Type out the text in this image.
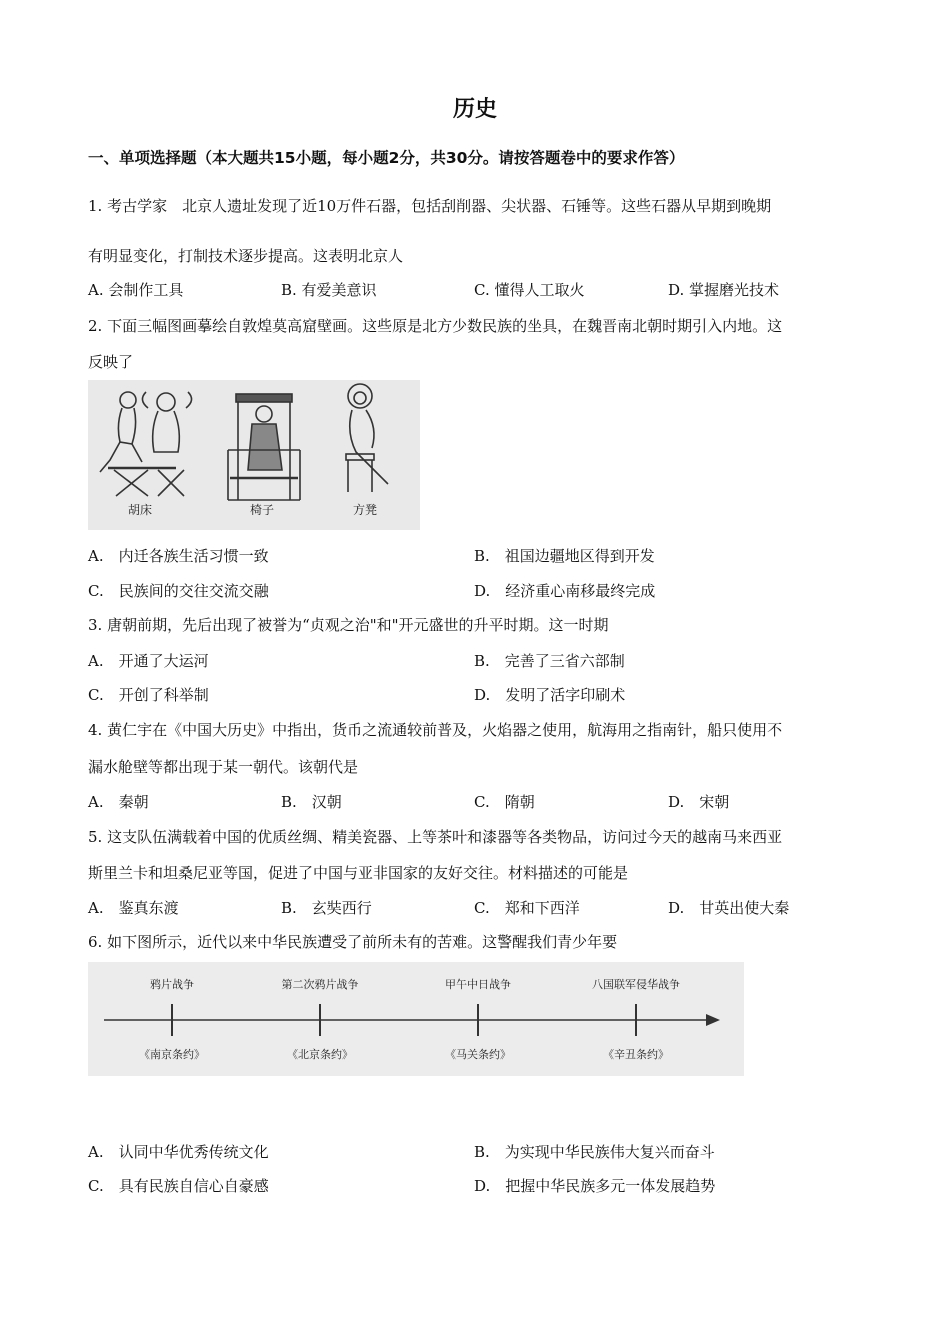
历史
一、单项选择题（本大题共15小题，每小题2分，共30分。请按答题卷中的要求作答）
1. 考古学家　北京人遗址发现了近10万件石器，包括刮削器、尖状器、石锤等。这些石器从早期到晚期
有明显变化，打制技术逐步提高。这表明北京人
A. 会制作工具	B. 有爱美意识	C. 懂得人工取火	D. 掌握磨光技术
2. 下面三幅图画摹绘自敦煌莫高窟壁画。这些原是北方少数民族的坐具，在魏晋南北朝时期引入内地。这
反映了
胡床	椅子	方凳
A.　内迁各族生活习惯一致	B.　祖国边疆地区得到开发
C.　民族间的交往交流交融	D.　经济重心南移最终完成
3. 唐朝前期，先后出现了被誉为“贞观之治"和"开元盛世的升平时期。这一时期
A.　开通了大运河	B.　完善了三省六部制
C.　开创了科举制	D.　发明了活字印刷术
4. 黄仁宇在《中国大历史》中指出，货币之流通较前普及，火焰器之使用，航海用之指南针，船只使用不
漏水舱壁等都出现于某一朝代。该朝代是
A.　秦朝	B.　汉朝	C.　隋朝	D.　宋朝
5. 这支队伍满载着中国的优质丝绸、精美瓷器、上等茶叶和漆器等各类物品，访问过今天的越南马来西亚
斯里兰卡和坦桑尼亚等国，促进了中国与亚非国家的友好交往。材料描述的可能是
A.　鉴真东渡	B.　玄奘西行	C.　郑和下西洋	D.　甘英出使大秦
6. 如下图所示，近代以来中华民族遭受了前所未有的苦难。这警醒我们青少年要
鸦片战争	第二次鸦片战争	甲午中日战争	八国联军侵华战争
《南京条约》	《北京条约》	《马关条约》	《辛丑条约》
A.　认同中华优秀传统文化	B.　为实现中华民族伟大复兴而奋斗
C.　具有民族自信心自豪感	D.　把握中华民族多元一体发展趋势
